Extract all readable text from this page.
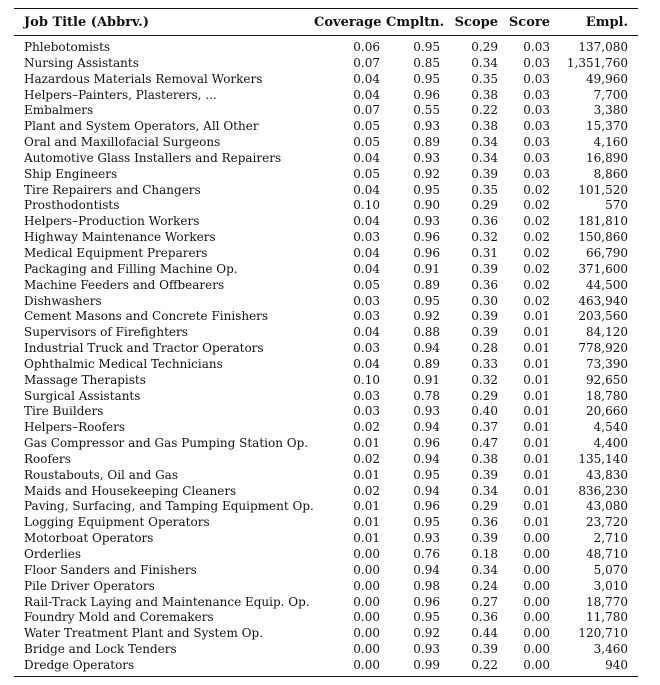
Job Title (Abbrv.)	Coverage	Cmpltn.	Scope	Score	Empl.
Phlebotomists	0.06	0.95	0.29	0.03	137,080
Nursing Assistants	0.07	0.85	0.34	0.03	1,351,760
Hazardous Materials Removal Workers	0.04	0.95	0.35	0.03	49,960
Helpers–Painters, Plasterers, ...	0.04	0.96	0.38	0.03	7,700
Embalmers	0.07	0.55	0.22	0.03	3,380
Plant and System Operators, All Other	0.05	0.93	0.38	0.03	15,370
Oral and Maxillofacial Surgeons	0.05	0.89	0.34	0.03	4,160
Automotive Glass Installers and Repairers	0.04	0.93	0.34	0.03	16,890
Ship Engineers	0.05	0.92	0.39	0.03	8,860
Tire Repairers and Changers	0.04	0.95	0.35	0.02	101,520
Prosthodontists	0.10	0.90	0.29	0.02	570
Helpers–Production Workers	0.04	0.93	0.36	0.02	181,810
Highway Maintenance Workers	0.03	0.96	0.32	0.02	150,860
Medical Equipment Preparers	0.04	0.96	0.31	0.02	66,790
Packaging and Filling Machine Op.	0.04	0.91	0.39	0.02	371,600
Machine Feeders and Offbearers	0.05	0.89	0.36	0.02	44,500
Dishwashers	0.03	0.95	0.30	0.02	463,940
Cement Masons and Concrete Finishers	0.03	0.92	0.39	0.01	203,560
Supervisors of Firefighters	0.04	0.88	0.39	0.01	84,120
Industrial Truck and Tractor Operators	0.03	0.94	0.28	0.01	778,920
Ophthalmic Medical Technicians	0.04	0.89	0.33	0.01	73,390
Massage Therapists	0.10	0.91	0.32	0.01	92,650
Surgical Assistants	0.03	0.78	0.29	0.01	18,780
Tire Builders	0.03	0.93	0.40	0.01	20,660
Helpers–Roofers	0.02	0.94	0.37	0.01	4,540
Gas Compressor and Gas Pumping Station Op.	0.01	0.96	0.47	0.01	4,400
Roofers	0.02	0.94	0.38	0.01	135,140
Roustabouts, Oil and Gas	0.01	0.95	0.39	0.01	43,830
Maids and Housekeeping Cleaners	0.02	0.94	0.34	0.01	836,230
Paving, Surfacing, and Tamping Equipment Op.	0.01	0.96	0.29	0.01	43,080
Logging Equipment Operators	0.01	0.95	0.36	0.01	23,720
Motorboat Operators	0.01	0.93	0.39	0.00	2,710
Orderlies	0.00	0.76	0.18	0.00	48,710
Floor Sanders and Finishers	0.00	0.94	0.34	0.00	5,070
Pile Driver Operators	0.00	0.98	0.24	0.00	3,010
Rail-Track Laying and Maintenance Equip. Op.	0.00	0.96	0.27	0.00	18,770
Foundry Mold and Coremakers	0.00	0.95	0.36	0.00	11,780
Water Treatment Plant and System Op.	0.00	0.92	0.44	0.00	120,710
Bridge and Lock Tenders	0.00	0.93	0.39	0.00	3,460
Dredge Operators	0.00	0.99	0.22	0.00	940
